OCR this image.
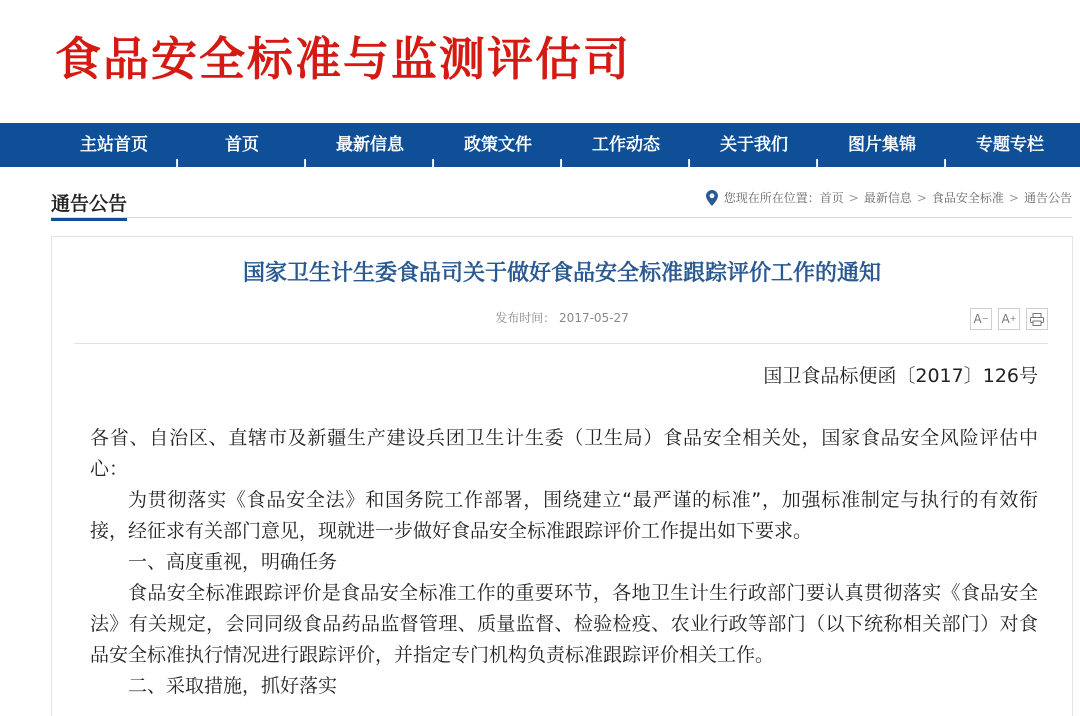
食品安全标准与监测评估司
主站首页
|
首页
|
最新信息
|
政策文件
|
工作动态
|
关于我们
|
图片集锦
|
专题专栏
通告公告	您现在所在位置： 首页 > 最新信息 > 食品安全标准 > 通告公告
国家卫生计生委食品司关于做好食品安全标准跟踪评价工作的通知
发布时间： 2017-05-27	A − A +
国卫食品标便函〔2017〕126号

各省、自治区、直辖市及新疆生产建设兵团卫生计生委（卫生局）食品安全相关处，国家食品安全风险评估中心：

为贯彻落实《食品安全法》和国务院工作部署，围绕建立“最严谨的标准”，加强标准制定与执行的有效衔接，经征求有关部门意见，现就进一步做好食品安全标准跟踪评价工作提出如下要求。

一、高度重视，明确任务

食品安全标准跟踪评价是食品安全标准工作的重要环节，各地卫生计生行政部门要认真贯彻落实《食品安全法》有关规定，会同同级食品药品监督管理、质量监督、检验检疫、农业行政等部门（以下统称相关部门）对食品安全标准执行情况进行跟踪评价，并指定专门机构负责标准跟踪评价相关工作。

二、采取措施，抓好落实
